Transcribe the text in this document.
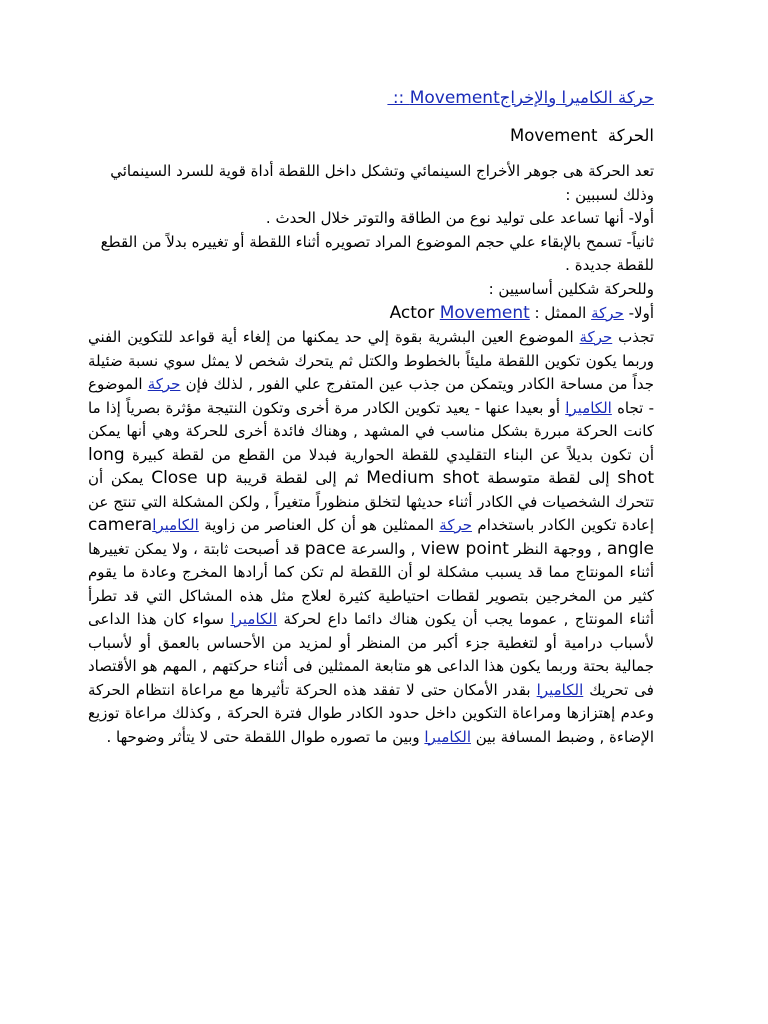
حركة الكاميرا والإخراج :: Movement
الحركة  Movement

تعد الحركة هى جوهر الأخراج السينمائي وتشكل داخل اللقطة أداة قوية للسرد السينمائي وذلك لسببين :

أولا- أنها تساعد على توليد نوع من الطاقة والتوتر خلال الحدث .

ثانياً- تسمح بالإبقاء علي حجم الموضوع المراد تصويره أثناء اللقطة أو تغييره بدلاً من القطع للقطة جديدة .

وللحركة شكلين أساسيين :

أولا- حركة الممثل : Actor Movement

تجذب حركة الموضوع العين البشرية بقوة إلي حد يمكنها من إلغاء أية قواعد للتكوين الفني وربما يكون تكوين اللقطة مليئاً بالخطوط والكتل ثم يتحرك شخص لا يمثل سوي نسبة ضئيلة جداً من مساحة الكادر ويتمكن من جذب عين المتفرج علي الفور , لذلك فإن حركة الموضوع - تجاه الكاميرا أو بعيدا عنها - يعيد تكوين الكادر مرة أخرى وتكون النتيجة مؤثرة بصرياً إذا ما كانت الحركة مبررة بشكل مناسب في المشهد , وهناك فائدة أخرى للحركة وهي أنها يمكن أن تكون بديلاً عن البناء التقليدي للقطة الحوارية فبدلا من القطع من لقطة كبيرة long shot إلى لقطة متوسطة Medium shot ثم إلى لقطة قريبة Close up يمكن أن تتحرك الشخصيات في الكادر أثناء حديثها لتخلق منظوراً متغيراً , ولكن المشكلة التي تنتج عن إعادة تكوين الكادر باستخدام حركة الممثلين هو أن كل العناصر من زاوية الكاميراcamera angle , ووجهة النظر view point , والسرعة pace قد أصبحت ثابتة ، ولا يمكن تغييرها أثناء المونتاج مما قد يسبب مشكلة لو أن اللقطة لم تكن كما أرادها المخرج وعادة ما يقوم كثير من المخرجين بتصوير لقطات احتياطية كثيرة لعلاج مثل هذه المشاكل التي قد تطرأ أثناء المونتاج , عموما يجب أن يكون هناك دائما داع لحركة الكاميرا سواء كان هذا الداعى لأسباب درامية أو لتغطية جزء أكبر من المنظر أو لمزيد من الأحساس بالعمق أو لأسباب جمالية بحتة وربما يكون هذا الداعى هو متابعة الممثلين فى أثناء حركتهم , المهم هو الأقتصاد فى تحريك الكاميرا بقدر الأمكان حتى لا تفقد هذه الحركة تأثيرها مع مراعاة انتظام الحركة وعدم إهتزازها ومراعاة التكوين داخل حدود الكادر طوال فترة الحركة , وكذلك مراعاة توزيع الإضاءة , وضبط المسافة بين الكاميرا وبين ما تصوره طوال اللقطة حتى لا يتأثر وضوحها .
